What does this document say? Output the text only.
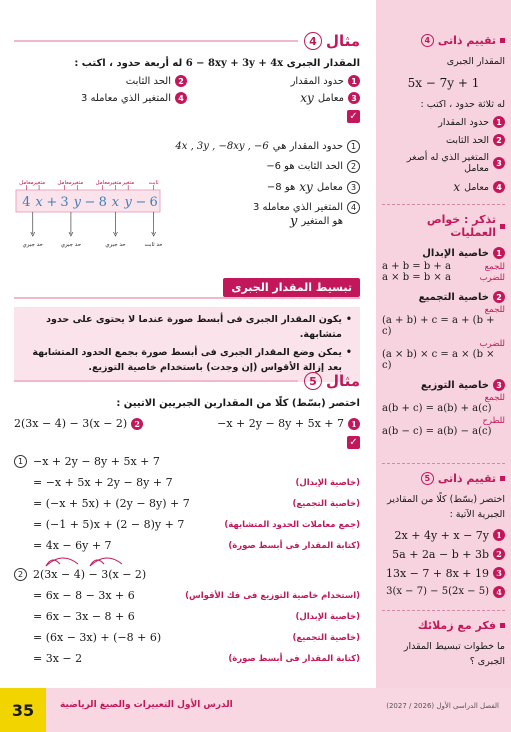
تقييم ذاتى
4
المقدار الجبرى
5x − 7y + 1
له ثلاثة حدود ، اكتب :
1
حدود المقدار
2
الحد الثابت
3
المتغير الذي له أصغر معامل
4
معامل
x
تذكر : خواص العمليات
1
خاصية الإبدال
للجمع
a + b = b + a
للضرب
a × b = b × a
2
خاصية التجميع
للجمع
(a + b) + c = a + (b + c)
للضرب
(a × b) × c = a × (b × c)
3
خاصية التوزيع
للجمع
a(b + c) = a(b) + a(c)
للطرح
a(b − c) = a(b) − a(c)
تقييم ذاتى
5
اختصر (بسّط) كلًا من المقادير الجبرية الآتية :
1
2x + 4y + x − 7y
2
5a + 2a − b + 3b
3
13x − 7 + 8x + 19
4
3(x − 7) − 5(2x − 5)
فكر مع زملائك
ما خطوات تبسيط المقدار الجبرى ؟
مثال
4
المقدار الجبرى 6 − 8xy + 3y + 4x له أربعة حدود ، اكتب :
1
حدود المقدار
2
الحد الثابت
3
معامل
xy
4
المتغير الذي معامله 3
✓
1
حدود المقدار هي
4x , 3y , −8xy , −6
2
الحد الثابت هو 6−
3
معامل
xy
هو 8−
4
المتغير الذي معامله 3
هو المتغير
y
معامل متغير معامل متغير معامل متغير متغير	ثابت
4 x + 3 y − 8 x y − 6
حد جبري	حد جبري	حد جبري	حد ثابت
تبسيط المقدار الجبرى
•
يكون المقدار الجبرى فى أبسط صورة عندما لا يحتوى على حدود متشابهة.
•
يمكن وضع المقدار الجبرى فى أبسط صورة بجمع الحدود المتشابهة بعد إزالة الأقواس (إن وجدت) باستخدام خاصية التوزيع.
مثال
5
اختصر (بسّط) كلًا من المقدارين الجبريين الاتيين :
2(3x − 4) − 3(x − 2) 2	−x + 2y − 8y + 5x + 7 1
✓
1 −x + 2y − 8y + 5x + 7
= −x + 5x + 2y − 8y + 7	(خاصية الإبدال)
= (−x + 5x) + (2y − 8y) + 7	(خاصية التجميع)
= (−1 + 5)x + (2 − 8)y + 7	(جمع معاملات الحدود المتشابهة)
= 4x − 6y + 7	(كتابة المقدار فى أبسط صورة)
2 2(3x − 4) − 3(x − 2)
= 6x − 8 − 3x + 6	(استخدام خاصية التوزيع فى فك الأقواس)
= 6x − 3x − 8 + 6	(خاصية الإبدال)
= (6x − 3x) + (−8 + 6)	(خاصية التجميع)
= 3x − 2	(كتابة المقدار فى أبسط صورة)
35	الدرس الأول التعبيرات والصيغ الرياضية	الفصل الدراسى الأول (2026 / 2027)
